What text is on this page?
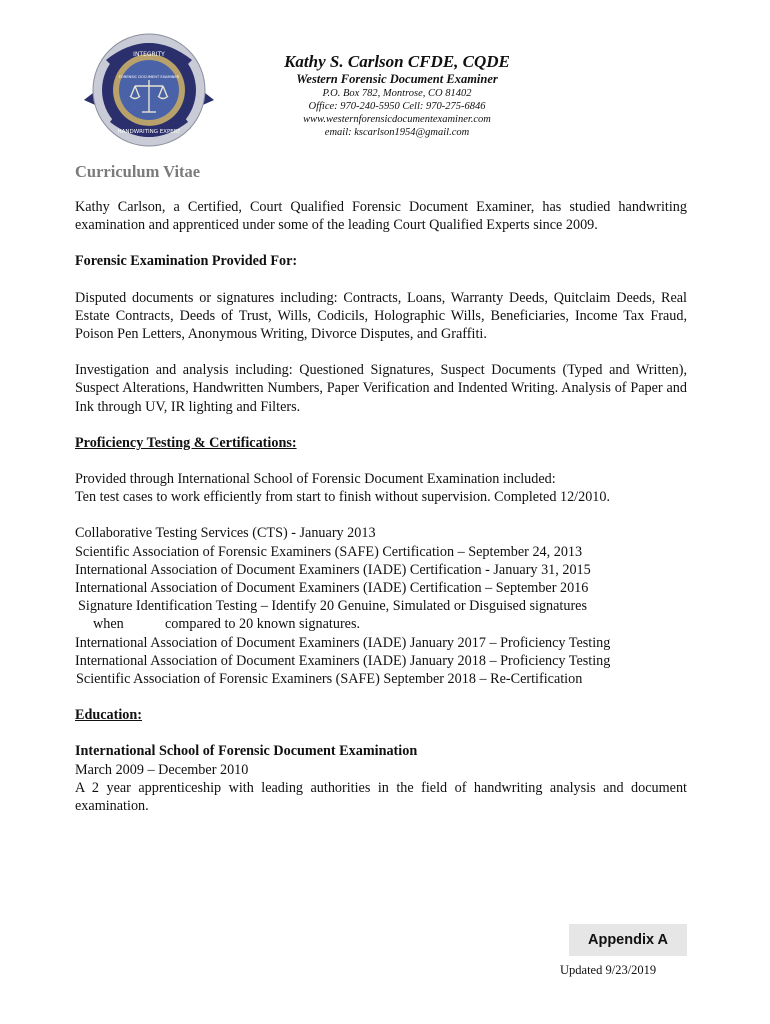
INTEGRITY
HANDWRITING EXPERT
FORENSIC DOCUMENT EXAMINER
Kathy S. Carlson CFDE, CQDE
Western Forensic Document Examiner
P.O. Box 782, Montrose, CO 81402
Office: 970-240-5950 Cell: 970-275-6846
www.westernforensicdocumentexaminer.com
email: kscarlson1954@gmail.com
Curriculum Vitae

Kathy Carlson, a Certified, Court Qualified Forensic Document Examiner, has studied handwriting examination and apprenticed under some of the leading Court Qualified Experts since 2009.

Forensic Examination Provided For:

Disputed documents or signatures including: Contracts, Loans, Warranty Deeds, Quitclaim Deeds, Real Estate Contracts, Deeds of Trust, Wills, Codicils, Holographic Wills, Beneficiaries, Income Tax Fraud, Poison Pen Letters, Anonymous Writing, Divorce Disputes, and Graffiti.

Investigation and analysis including: Questioned Signatures, Suspect Documents (Typed and Written), Suspect Alterations, Handwritten Numbers, Paper Verification and Indented Writing. Analysis of Paper and Ink through UV, IR lighting and Filters.

Proficiency Testing & Certifications:

Provided through International School of Forensic Document Examination included:

Ten test cases to work efficiently from start to finish without supervision. Completed 12/2010.

Collaborative Testing Services (CTS) - January 2013

Scientific Association of Forensic Examiners (SAFE) Certification – September 24, 2013

International Association of Document Examiners (IADE) Certification - January 31, 2015

International Association of Document Examiners (IADE) Certification – September 2016

Signature Identification Testing – Identify 20 Genuine, Simulated or Disguised signatures

when	compared to 20 known signatures.

International Association of Document Examiners (IADE) January 2017 – Proficiency Testing

International Association of Document Examiners (IADE) January 2018 – Proficiency Testing

Scientific Association of Forensic Examiners (SAFE) September 2018 – Re-Certification

Education:

International School of Forensic Document Examination

March 2009 – December 2010

A 2 year apprenticeship with leading authorities in the field of handwriting analysis and document examination.

Appendix A
Updated 9/23/2019
